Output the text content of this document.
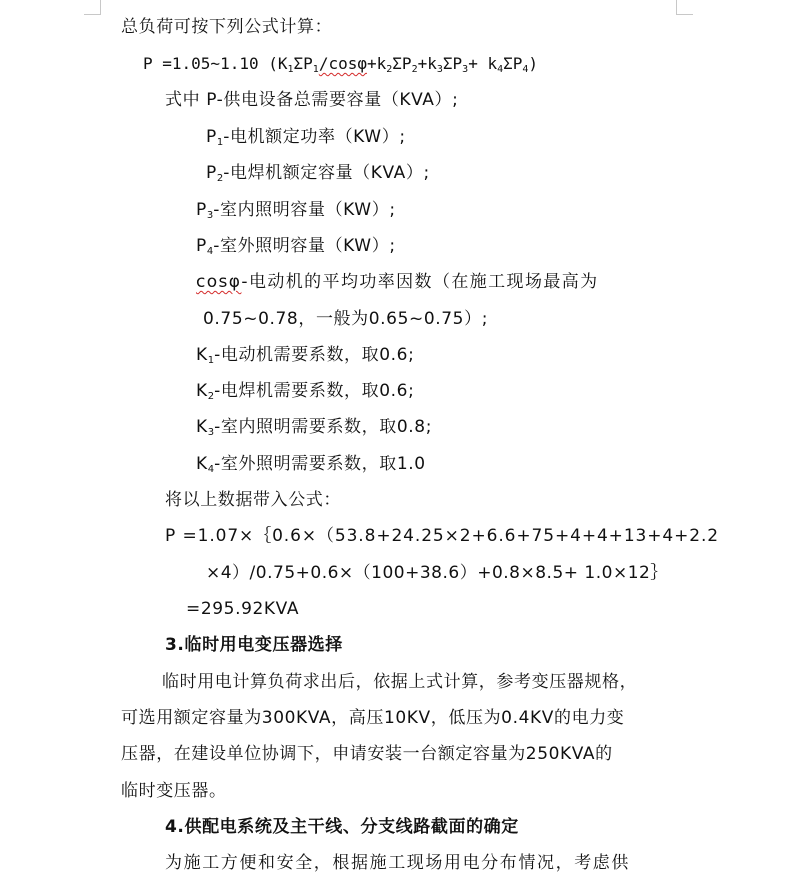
总负荷可按下列公式计算：
P =1.05~1.10 $(K_1\Sigma P_1/\cos\varphi+k_2\Sigma P_2+k_3\Sigma P_3+ k_4\Sigma P_4)$
式中 P-供电设备总需要容量（KVA）;
$P_1-$电机额定功率（KW）;
$P_2-$电焊机额定容量（KVA）;
$P_3-$室内照明容量（KW）;
$P_4-$室外照明容量（KW）;
cosφ-电动机的平均功率因数（在施工现场最高为
0.75~0.78，一般为0.65~0.75）;
$K_1-$电动机需要系数，取0.6;
$K_2-$电焊机需要系数，取0.6;
$K_3-$室内照明需要系数，取0.8;
$K_4-$室外照明需要系数，取1.0
将以上数据带入公式：
P =1.07×｛0.6×（53.8+24.25×2+6.6+75+4+4+13+4+2.2
×4）/0.75+0.6×（100+38.6）+0.8×8.5+ 1.0×12｝
=295.92KVA
3.临时用电变压器选择
临时用电计算负荷求出后，依据上式计算，参考变压器规格，
可选用额定容量为300KVA，高压10KV，低压为0.4KV的电力变
压器，在建设单位协调下，申请安装一台额定容量为250KVA的
临时变压器。
4.供配电系统及主干线、分支线路截面的确定
为施工方便和安全，根据施工现场用电分布情况，考虑供
